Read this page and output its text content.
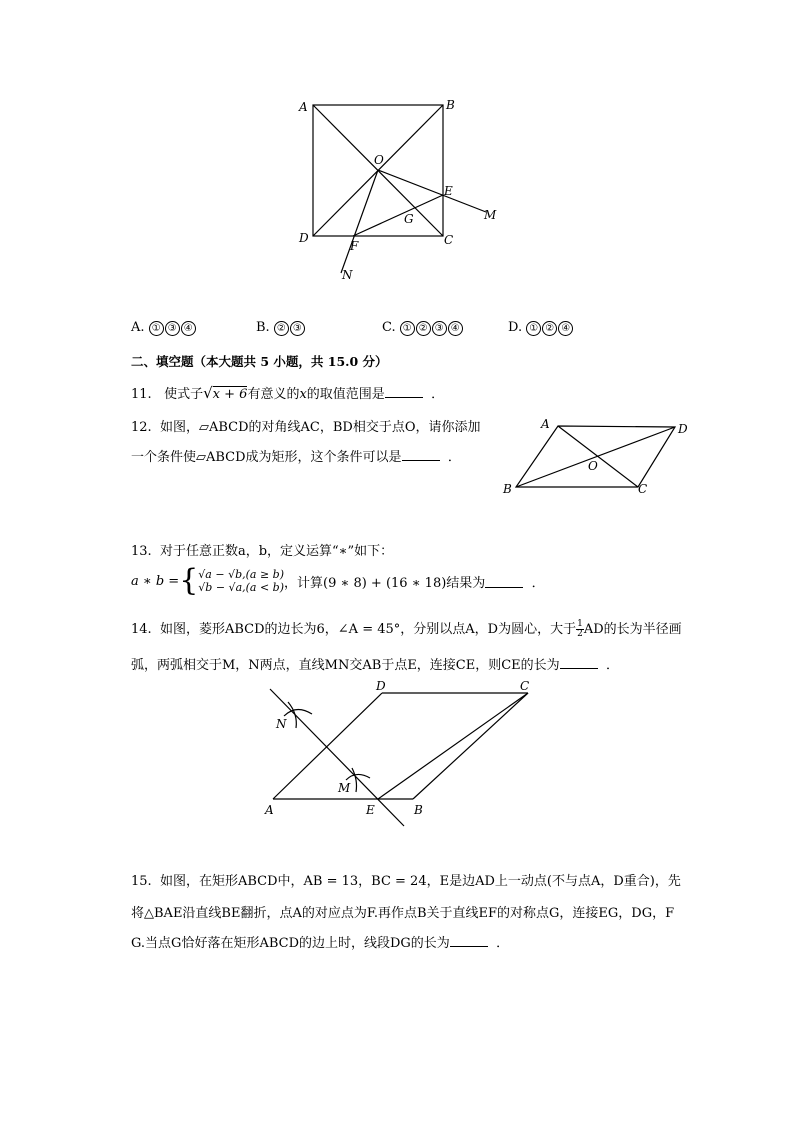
A	B
C
D
O
E
G
F
M
N
A. ① ③ ④	B. ② ③	C. ① ② ③ ④	D. ① ② ④
二、填空题（本大题共 5 小题，共 15.0 分）
11. 使式子√x + 6有意义的x的取值范围是	．
12. 如图，▱ABCD的对角线AC，BD相交于点O，请你添加
一个条件使▱ABCD成为矩形，这个条件可以是	．
A	D
B	C
O
13. 对于任意正数a，b，定义运算“∗”如下：
a ∗ b = { √a − √b,(a ≥ b)
√b − √a,(a < b) ，计算(9 ∗ 8) + (16 ∗ 18)结果为
	．
14. 如图，菱形ABCD的边长为6，∠A = 45°，分别以点A，D为圆心，大于 $\frac{1}{2}$ AD的长为半径画
弧，两弧相交于M，N两点，直线MN交AB于点E，连接CE，则CE的长为	．
D	C
N
M
A	E	B
15. 如图，在矩形ABCD中，AB = 13，BC = 24，E是边AD上一动点(不与点A，D重合)，先
将△BAE沿直线BE翻折，点A的对应点为F.再作点B关于直线EF的对称点G，连接EG，DG，F
G.当点G恰好落在矩形ABCD的边上时，线段DG的长为	．
